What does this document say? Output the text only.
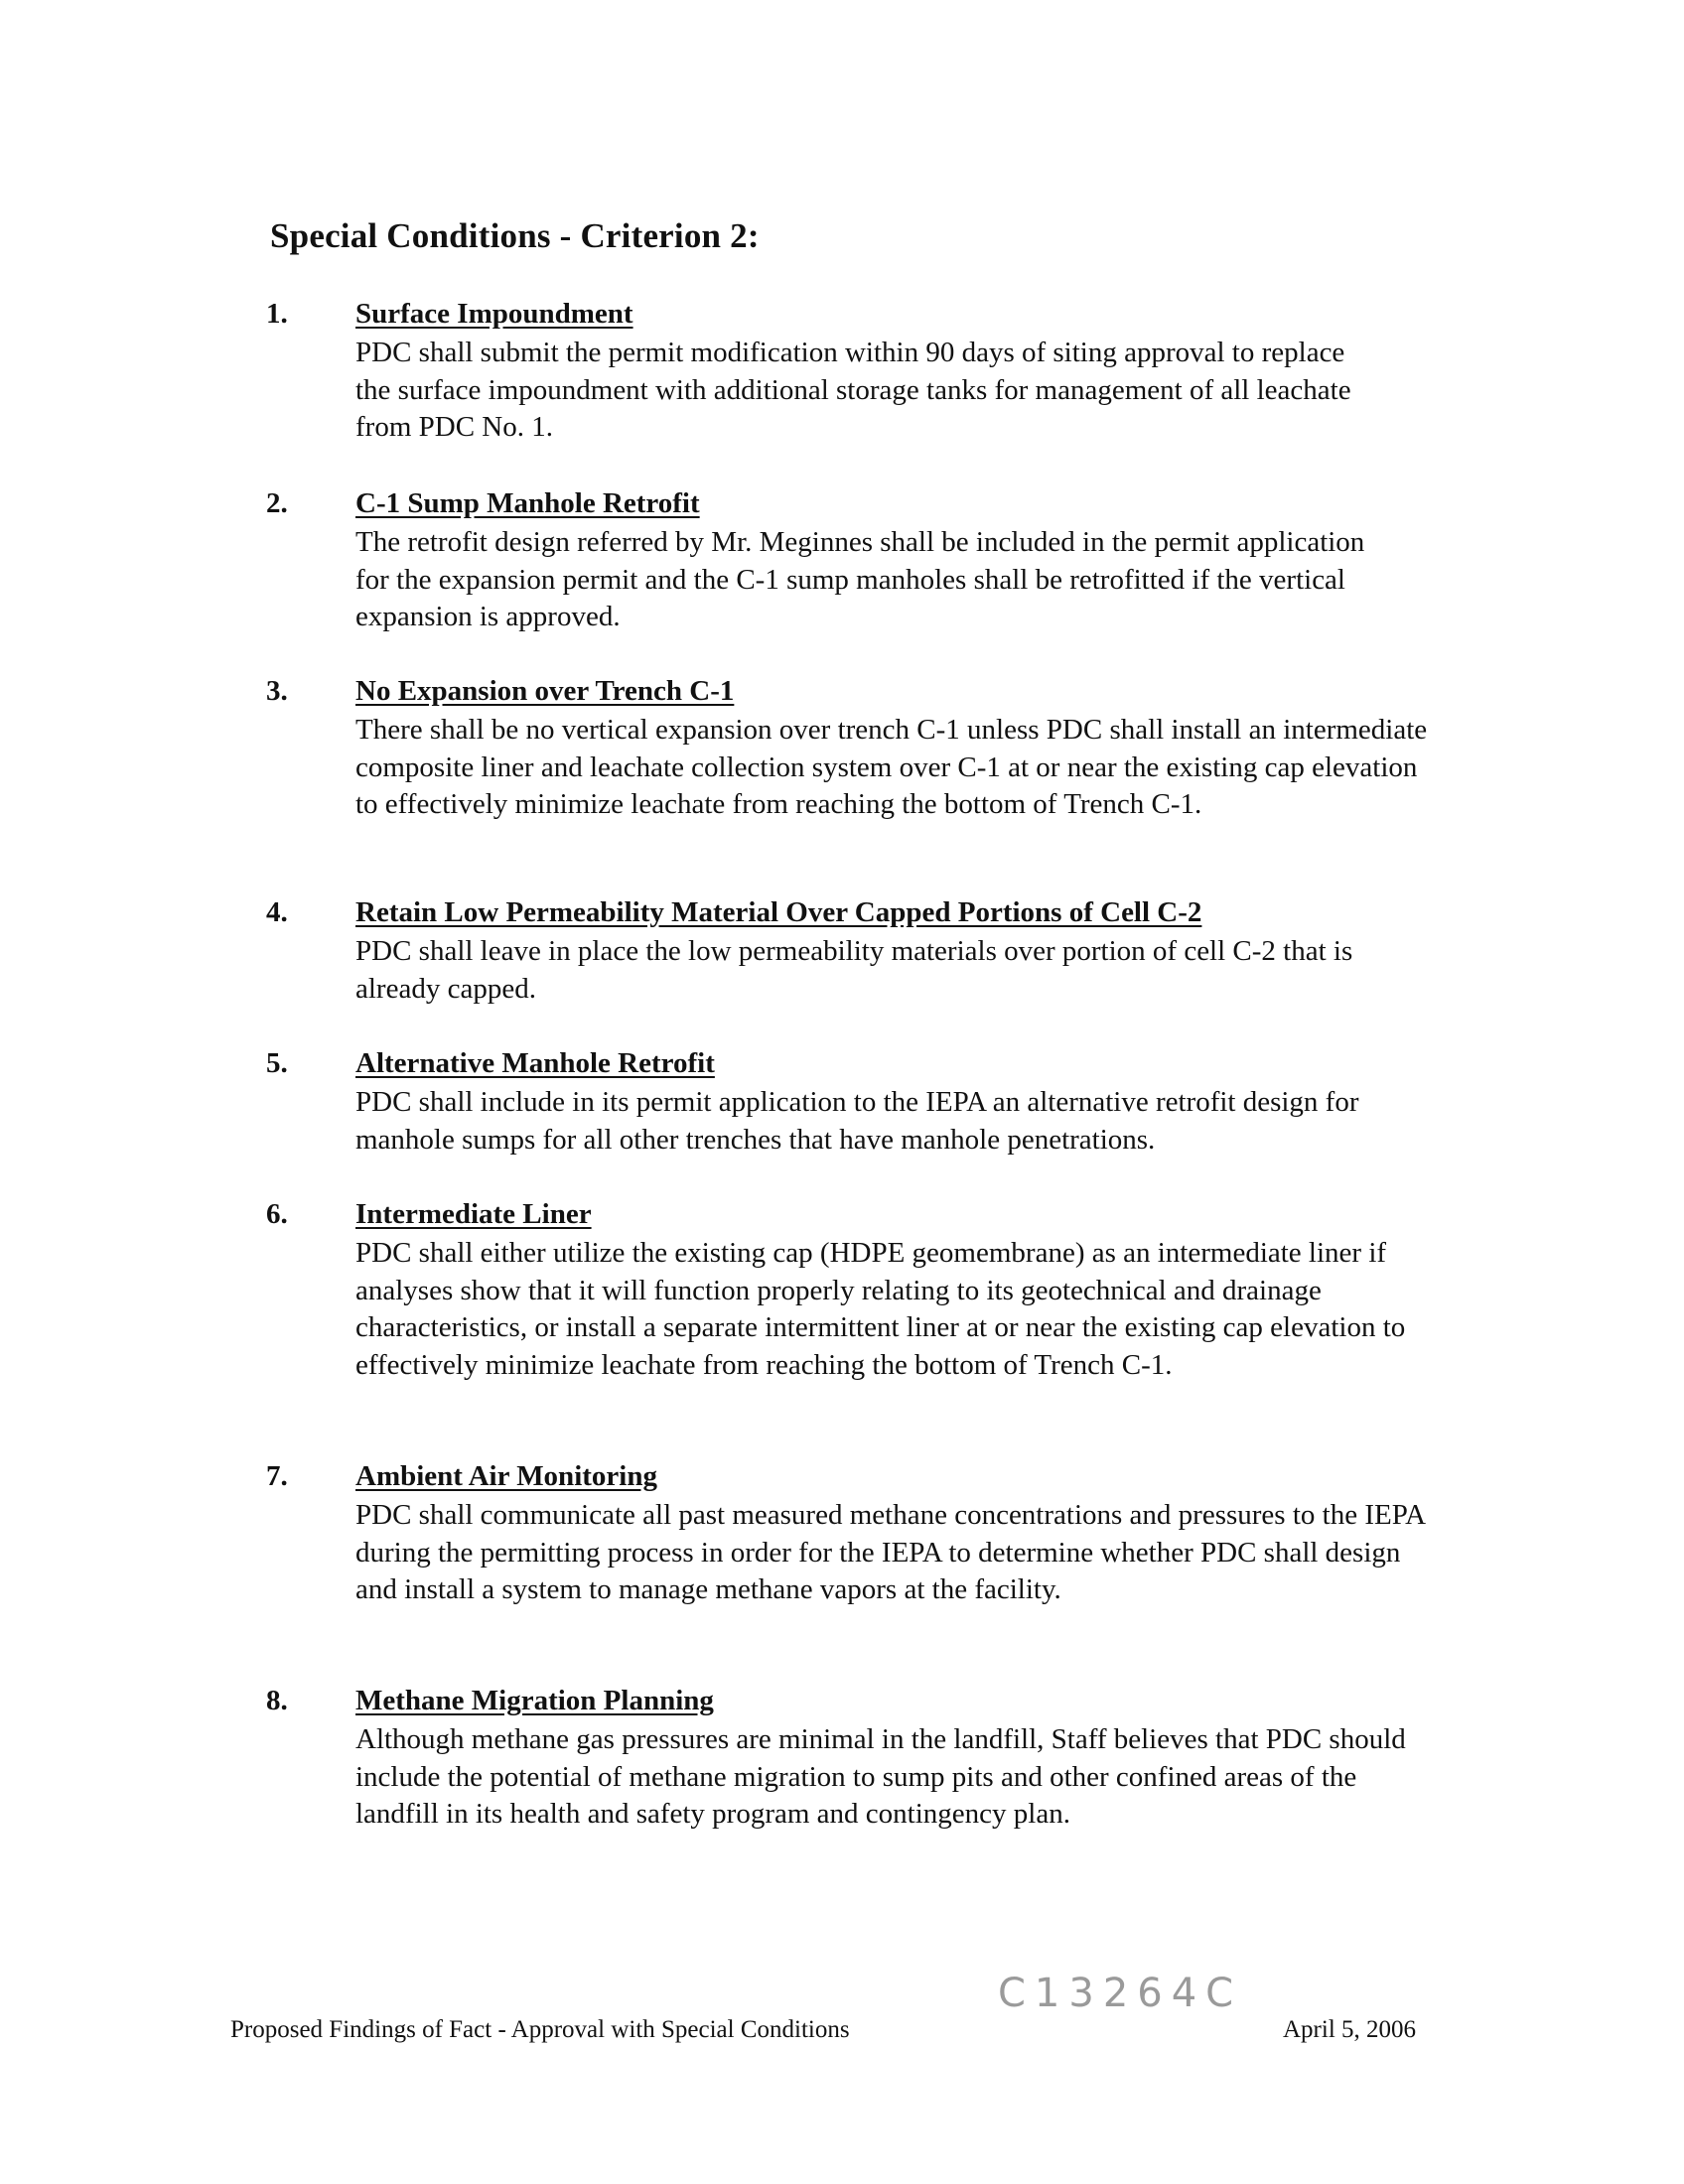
Special Conditions - Criterion 2:
1. Surface Impoundment
PDC shall submit the permit modification within 90 days of siting approval to replace the surface impoundment with additional storage tanks for management of all leachate from PDC No. 1.
2. C-1 Sump Manhole Retrofit
The retrofit design referred by Mr. Meginnes shall be included in the permit application for the expansion permit and the C-1 sump manholes shall be retrofitted if the vertical expansion is approved.
3. No Expansion over Trench C-1
There shall be no vertical expansion over trench C-1 unless PDC shall install an intermediate composite liner and leachate collection system over C-1 at or near the existing cap elevation to effectively minimize leachate from reaching the bottom of Trench C-1.
4. Retain Low Permeability Material Over Capped Portions of Cell C-2
PDC shall leave in place the low permeability materials over portion of cell C-2 that is already capped.
5. Alternative Manhole Retrofit
PDC shall include in its permit application to the IEPA an alternative retrofit design for manhole sumps for all other trenches that have manhole penetrations.
6. Intermediate Liner
PDC shall either utilize the existing cap (HDPE geomembrane) as an intermediate liner if analyses show that it will function properly relating to its geotechnical and drainage characteristics, or install a separate intermittent liner at or near the existing cap elevation to effectively minimize leachate from reaching the bottom of Trench C-1.
7. Ambient Air Monitoring
PDC shall communicate all past measured methane concentrations and pressures to the IEPA during the permitting process in order for the IEPA to determine whether PDC shall design and install a system to manage methane vapors at the facility.
8. Methane Migration Planning
Although methane gas pressures are minimal in the landfill, Staff believes that PDC should include the potential of methane migration to sump pits and other confined areas of the landfill in its health and safety program and contingency plan.
C13264C
Proposed Findings of Fact - Approval with Special Conditions	April 5, 2006
